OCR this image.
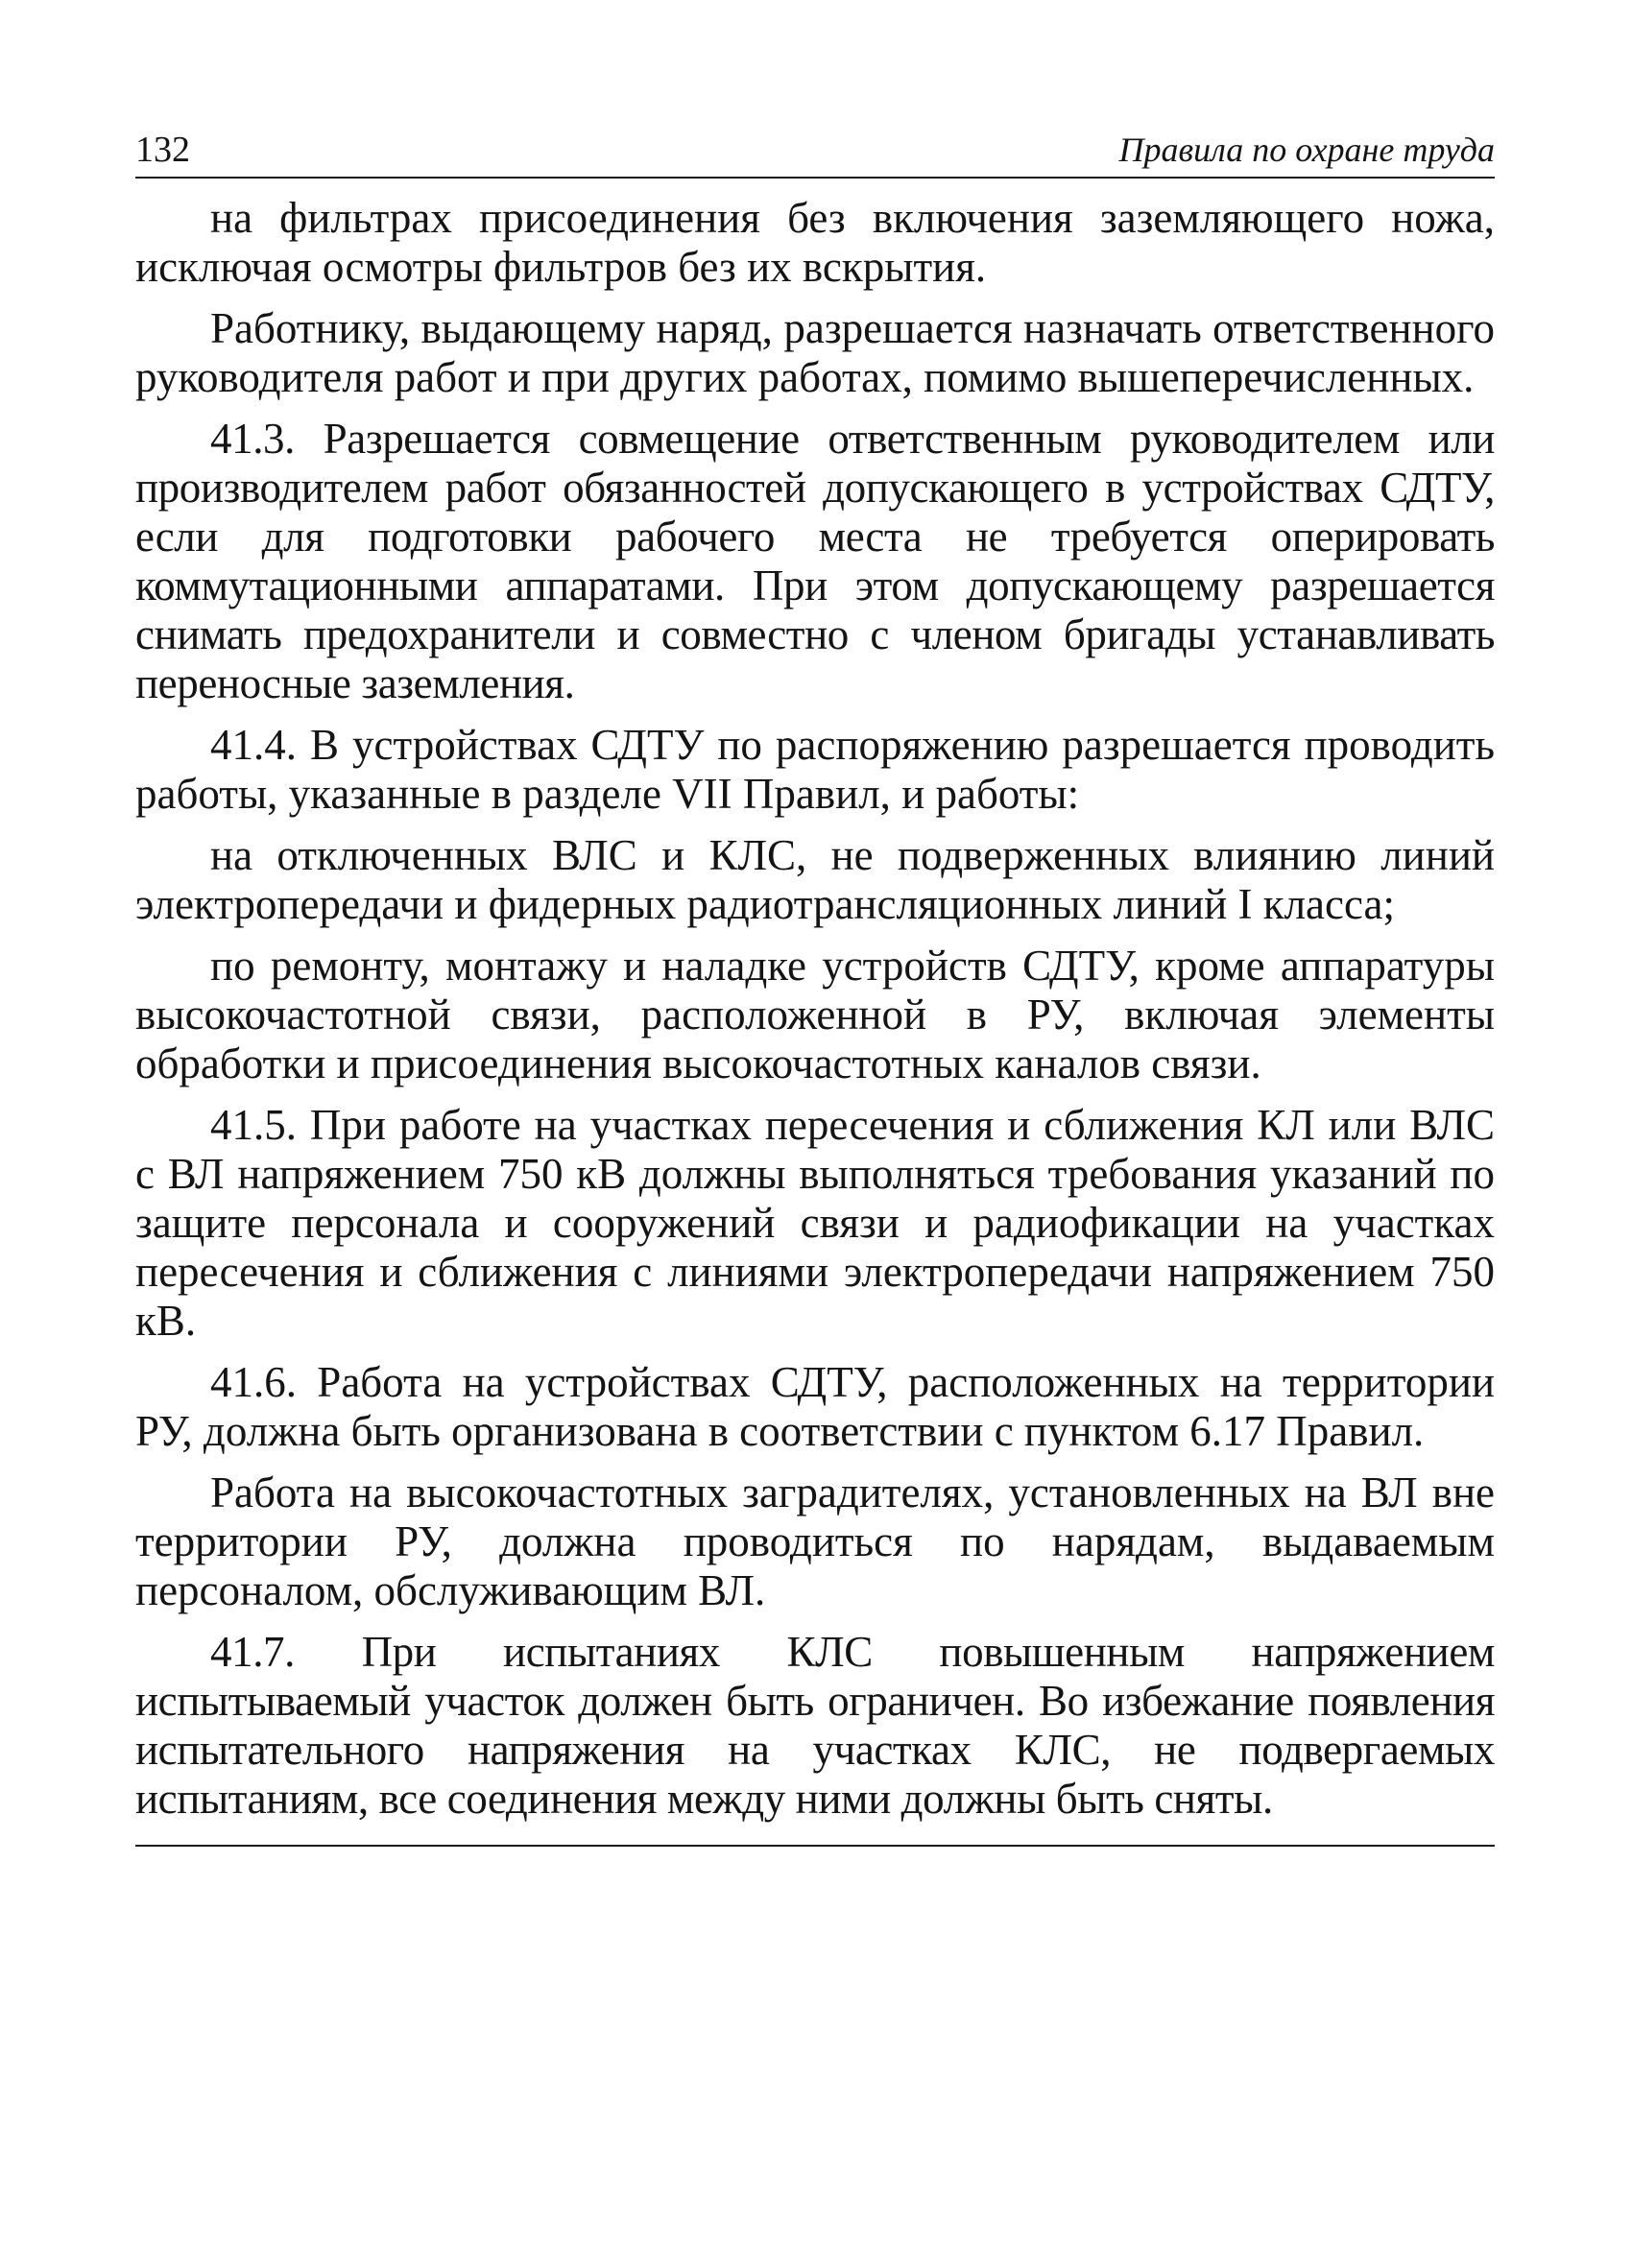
132	Правила по охране труда

на фильтрах присоединения без включения заземляющего ножа, исключая осмотры фильтров без их вскрытия.

Работнику, выдающему наряд, разрешается назначать ответственного руководителя работ и при других работах, помимо вышеперечисленных.

41.3. Разрешается совмещение ответственным руководителем или производителем работ обязанностей допускающего в устройствах СДТУ, если для подготовки рабочего места не требуется оперировать коммутационными аппаратами. При этом допускающему разрешается снимать предохранители и совместно с членом бригады устанавливать переносные заземления.

41.4. В устройствах СДТУ по распоряжению разрешается проводить работы, указанные в разделе VII Правил, и работы:

на отключенных ВЛС и КЛС, не подверженных влиянию линий электропередачи и фидерных радиотрансляционных линий I класса;

по ремонту, монтажу и наладке устройств СДТУ, кроме аппаратуры высокочастотной связи, расположенной в РУ, включая элементы обработки и присоединения высокочастотных каналов связи.

41.5. При работе на участках пересечения и сближения КЛ или ВЛС с ВЛ напряжением 750 кВ должны выполняться требования указаний по защите персонала и сооружений связи и радиофикации на участках пересечения и сближения с линиями электропередачи напряжением 750 кВ.

41.6. Работа на устройствах СДТУ, расположенных на территории РУ, должна быть организована в соответствии с пунктом 6.17 Правил.

Работа на высокочастотных заградителях, установленных на ВЛ вне территории РУ, должна проводиться по нарядам, выдаваемым персоналом, обслуживающим ВЛ.

41.7. При испытаниях КЛС повышенным напряжением испытываемый участок должен быть ограничен. Во избежание появления испытательного напряжения на участках КЛС, не подвергаемых испытаниям, все соединения между ними должны быть сняты.
